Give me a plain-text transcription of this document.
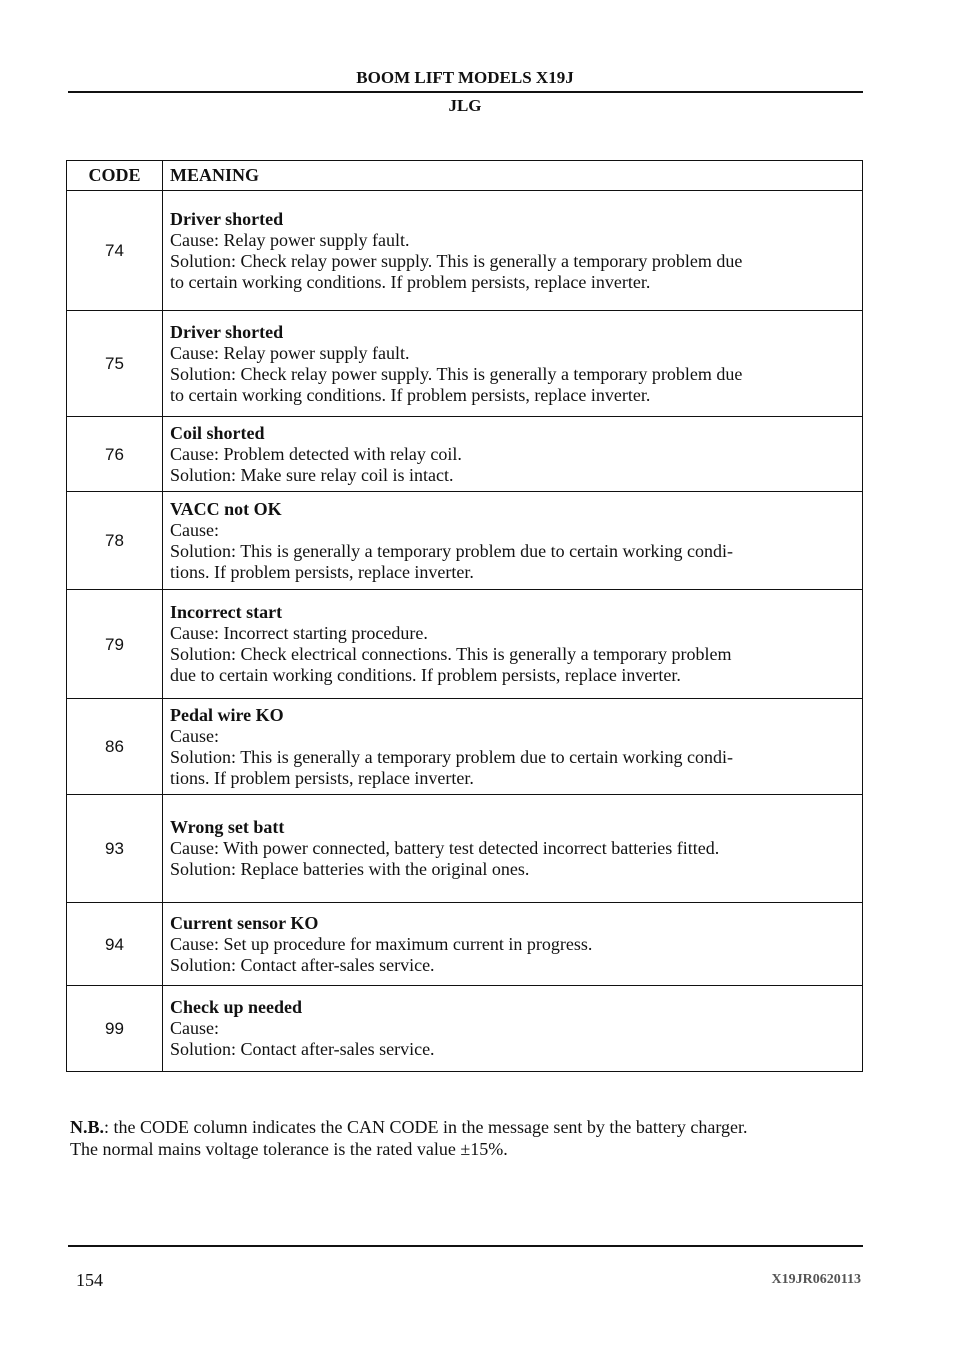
BOOM LIFT MODELS X19J
JLG
CODE	MEANING
74	Driver shorted
Cause: Relay power supply fault.
Solution: Check relay power supply. This is generally a temporary problem due
to certain working conditions. If problem persists, replace inverter.

75	Driver shorted
Cause: Relay power supply fault.
Solution: Check relay power supply. This is generally a temporary problem due
to certain working conditions. If problem persists, replace inverter.

76	Coil shorted
Cause: Problem detected with relay coil.
Solution: Make sure relay coil is intact.

78	VACC not OK
Cause:
Solution: This is generally a temporary problem due to certain working condi-
tions. If problem persists, replace inverter.

79	Incorrect start
Cause: Incorrect starting procedure.
Solution: Check electrical connections. This is generally a temporary problem
due to certain working conditions. If problem persists, replace inverter.

86	Pedal wire KO
Cause:
Solution: This is generally a temporary problem due to certain working condi-
tions. If problem persists, replace inverter.

93	Wrong set batt
Cause: With power connected, battery test detected incorrect batteries fitted.
Solution: Replace batteries with the original ones.

94	Current sensor KO
Cause: Set up procedure for maximum current in progress.
Solution: Contact after-sales service.

99	Check up needed
Cause:
Solution: Contact after-sales service.
N.B.: the CODE column indicates the CAN CODE in the message sent by the battery charger.
The normal mains voltage tolerance is the rated value ±15%.
154	X19JR0620113
